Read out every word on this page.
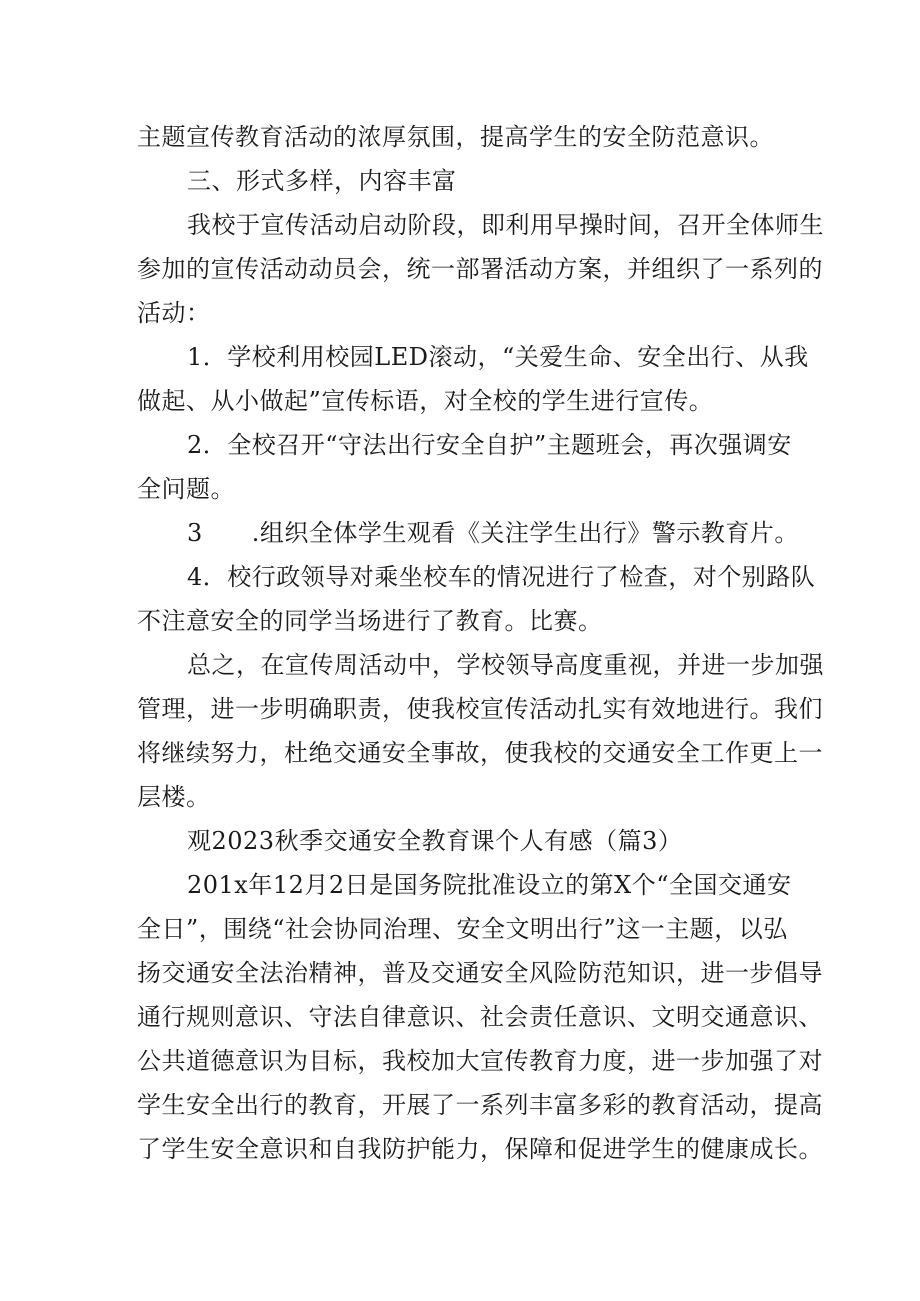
主题宣传教育活动的浓厚氛围，提高学生的安全防范意识。
三、形式多样，内容丰富
我校于宣传活动启动阶段，即利用早操时间，召开全体师生
参加的宣传活动动员会，统一部署活动方案，并组织了一系列的
活动：
1．学校利用校园LED滚动，“关爱生命、安全出行、从我
做起、从小做起”宣传标语，对全校的学生进行宣传。
2．全校召开“守法出行安全自护”主题班会，再次强调安
全问题。
3　　.组织全体学生观看《关注学生出行》警示教育片。
4．校行政领导对乘坐校车的情况进行了检查，对个别路队
不注意安全的同学当场进行了教育。比赛。
总之，在宣传周活动中，学校领导高度重视，并进一步加强
管理，进一步明确职责，使我校宣传活动扎实有效地进行。我们
将继续努力，杜绝交通安全事故，使我校的交通安全工作更上一
层楼。
观2023秋季交通安全教育课个人有感（篇3）
201x年12月2日是国务院批准设立的第X个“全国交通安
全日”，围绕“社会协同治理、安全文明出行”这一主题，以弘
扬交通安全法治精神，普及交通安全风险防范知识，进一步倡导
通行规则意识、守法自律意识、社会责任意识、文明交通意识、
公共道德意识为目标，我校加大宣传教育力度，进一步加强了对
学生安全出行的教育，开展了一系列丰富多彩的教育活动，提高
了学生安全意识和自我防护能力，保障和促进学生的健康成长。
